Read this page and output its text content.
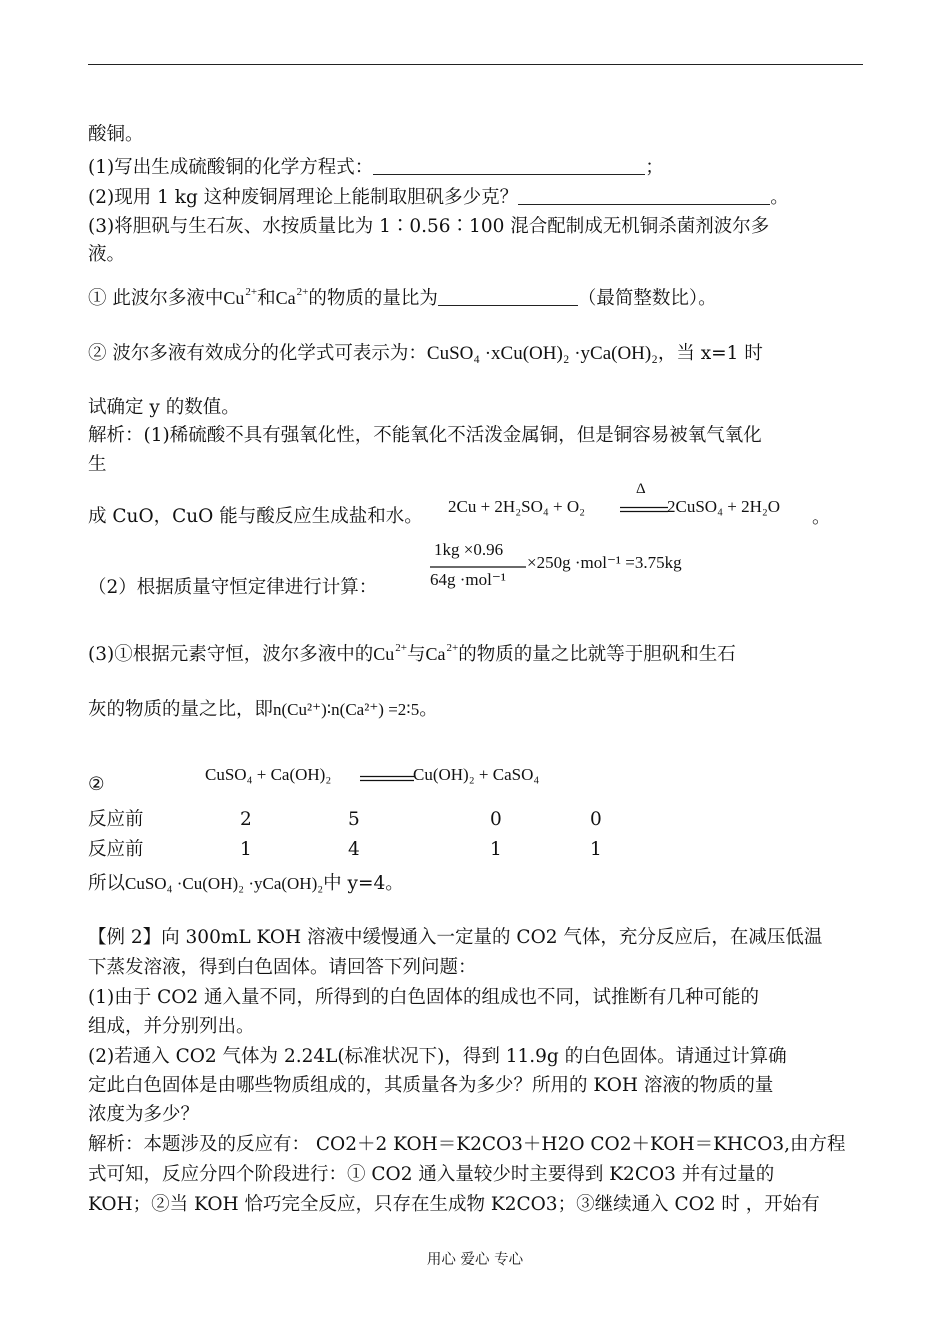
酸铜。
(1)写出生成硫酸铜的化学方程式：	；
(2)现用 1 kg 这种废铜屑理论上能制取胆矾多少克？	。
(3)将胆矾与生石灰、水按质量比为 1∶0.56∶100 混合配制成无机铜杀菌剂波尔多
液。
① 此波尔多液中$Cu^{2+}$和$Ca^{2+}$的物质的量比为	（最简整数比）。
② 波尔多液有效成分的化学式可表示为：CuSO₄ ·xCu(OH)₂ ·yCa(OH)₂，当 x=1 时
试确定 y 的数值。
解析：(1)稀硫酸不具有强氧化性，不能氧化不活泼金属铜，但是铜容易被氧气氧化
生
成 CuO，CuO 能与酸反应生成盐和水。 2Cu + 2H₂SO₄ + O₂
Δ
2CuSO₄ + 2H₂O
。
（2）根据质量守恒定律进行计算：
1kg ×0.96
64g ·mol⁻¹
×250g ·mol⁻¹ =3.75kg
(3)①根据元素守恒，波尔多液中的$Cu^{2+}$与$Ca^{2+}$的物质的量之比就等于胆矾和生石
灰的物质的量之比，即n(Cu²⁺)∶n(Ca²⁺) =2∶5。
②	CuSO₄ + Ca(OH)₂	Cu(OH)₂ + CaSO₄
反应前	2	5	0	0
反应前	1	4	1	1
所以CuSO₄ ·Cu(OH)₂ ·yCa(OH)₂中 y=4。
【例 2】向 300mL KOH 溶液中缓慢通入一定量的 CO2 气体，充分反应后，在减压低温
下蒸发溶液，得到白色固体。请回答下列问题：
(1)由于 CO2 通入量不同，所得到的白色固体的组成也不同，试推断有几种可能的
组成，并分别列出。
(2)若通入 CO2 气体为 2.24L(标准状况下)，得到 11.9g 的白色固体。请通过计算确
定此白色固体是由哪些物质组成的，其质量各为多少？所用的 KOH 溶液的物质的量
浓度为多少？
解析：本题涉及的反应有： CO2＋2 KOH＝K2CO3＋H2O CO2＋KOH＝KHCO3,由方程
式可知，反应分四个阶段进行：① CO2 通入量较少时主要得到 K2CO3 并有过量的
KOH；②当 KOH 恰巧完全反应，只存在生成物 K2CO3；③继续通入 CO2 时 ，开始有
用心 爱心 专心
